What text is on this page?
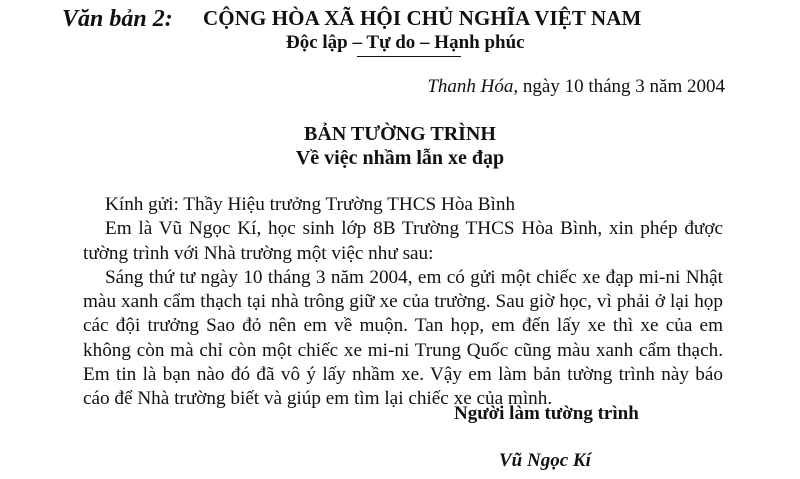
Văn bản 2: CỘNG HÒA XÃ HỘI CHỦ NGHĨA VIỆT NAM
Độc lập – Tự do – Hạnh phúc
Thanh Hóa, ngày 10 tháng 3 năm 2004
BẢN TƯỜNG TRÌNH
Về việc nhầm lẫn xe đạp

Kính gửi: Thầy Hiệu trưởng Trường THCS Hòa Bình

Em là Vũ Ngọc Kí, học sinh lớp 8B Trường THCS Hòa Bình, xin phép được tường trình với Nhà trường một việc như sau:

Sáng thứ tư ngày 10 tháng 3 năm 2004, em có gửi một chiếc xe đạp mi-ni Nhật màu xanh cẩm thạch tại nhà trông giữ xe của trường. Sau giờ học, vì phải ở lại họp các đội trưởng Sao đỏ nên em về muộn. Tan họp, em đến lấy xe thì xe của em không còn mà chỉ còn một chiếc xe mi-ni Trung Quốc cũng màu xanh cẩm thạch. Em tin là bạn nào đó đã vô ý lấy nhầm xe. Vậy em làm bản tường trình này báo cáo để Nhà trường biết và giúp em tìm lại chiếc xe của mình.

Người làm tường trình
Vũ Ngọc Kí
